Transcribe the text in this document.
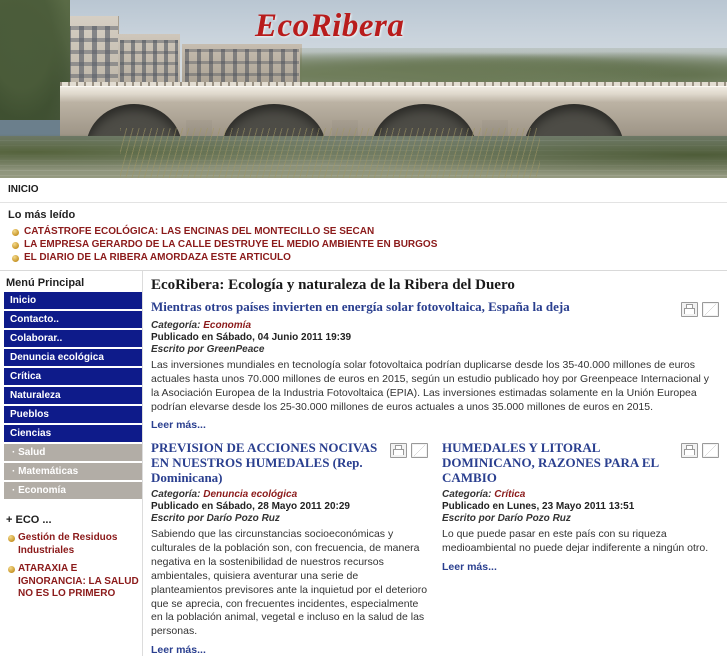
EcoRibera
INICIO
Lo más leído
CATÁSTROFE ECOLÓGICA: LAS ENCINAS DEL MONTECILLO SE SECAN
LA EMPRESA GERARDO DE LA CALLE DESTRUYE EL MEDIO AMBIENTE EN BURGOS
EL DIARIO DE LA RIBERA AMORDAZA ESTE ARTICULO
Menú Principal
Inicio
Contacto..
Colaborar..
Denuncia ecológica
Crítica
Naturaleza
Pueblos
Ciencias
· Salud
· Matemáticas
· Economía
+ ECO ...
Gestión de Residuos Industriales
ATARAXIA E IGNORANCIA: LA SALUD NO ES LO PRIMERO
EcoRibera: Ecología y naturaleza de la Ribera del Duero
Mientras otros países invierten en energía solar fotovoltaica, España la deja
Categoría: Economía
Publicado en Sábado, 04 Junio 2011 19:39
Escrito por GreenPeace
Las inversiones mundiales en tecnología solar fotovoltaica podrían duplicarse desde los 35-40.000 millones de euros actuales hasta unos 70.000 millones de euros en 2015, según un estudio publicado hoy por Greenpeace Internacional y la Asociación Europea de la Industria Fotovoltaica (EPIA). Las inversiones estimadas solamente en la Unión Europea podrían elevarse desde los 25-30.000 millones de euros actuales a unos 35.000 millones de euros en 2015.
Leer más...
PREVISION DE ACCIONES NOCIVAS EN NUESTROS HUMEDALES (Rep. Dominicana)
Categoría: Denuncia ecológica
Publicado en Sábado, 28 Mayo 2011 20:29
Escrito por Darío Pozo Ruz
Sabiendo que las circunstancias socioeconómicas y culturales de la población son, con frecuencia, de manera negativa en la sostenibilidad de nuestros recursos ambientales, quisiera aventurar una serie de planteamientos previsores ante la inquietud por el deterioro que se aprecia, con frecuentes incidentes, especialmente en la población animal, vegetal e incluso en la salud de las personas.
Leer más...
HUMEDALES Y LITORAL DOMINICANO, RAZONES PARA EL CAMBIO
Categoría: Crítica
Publicado en Lunes, 23 Mayo 2011 13:51
Escrito por Darío Pozo Ruz
Lo que puede pasar en este país con su riqueza medioambiental no puede dejar indiferente a ningún otro.
Leer más...
